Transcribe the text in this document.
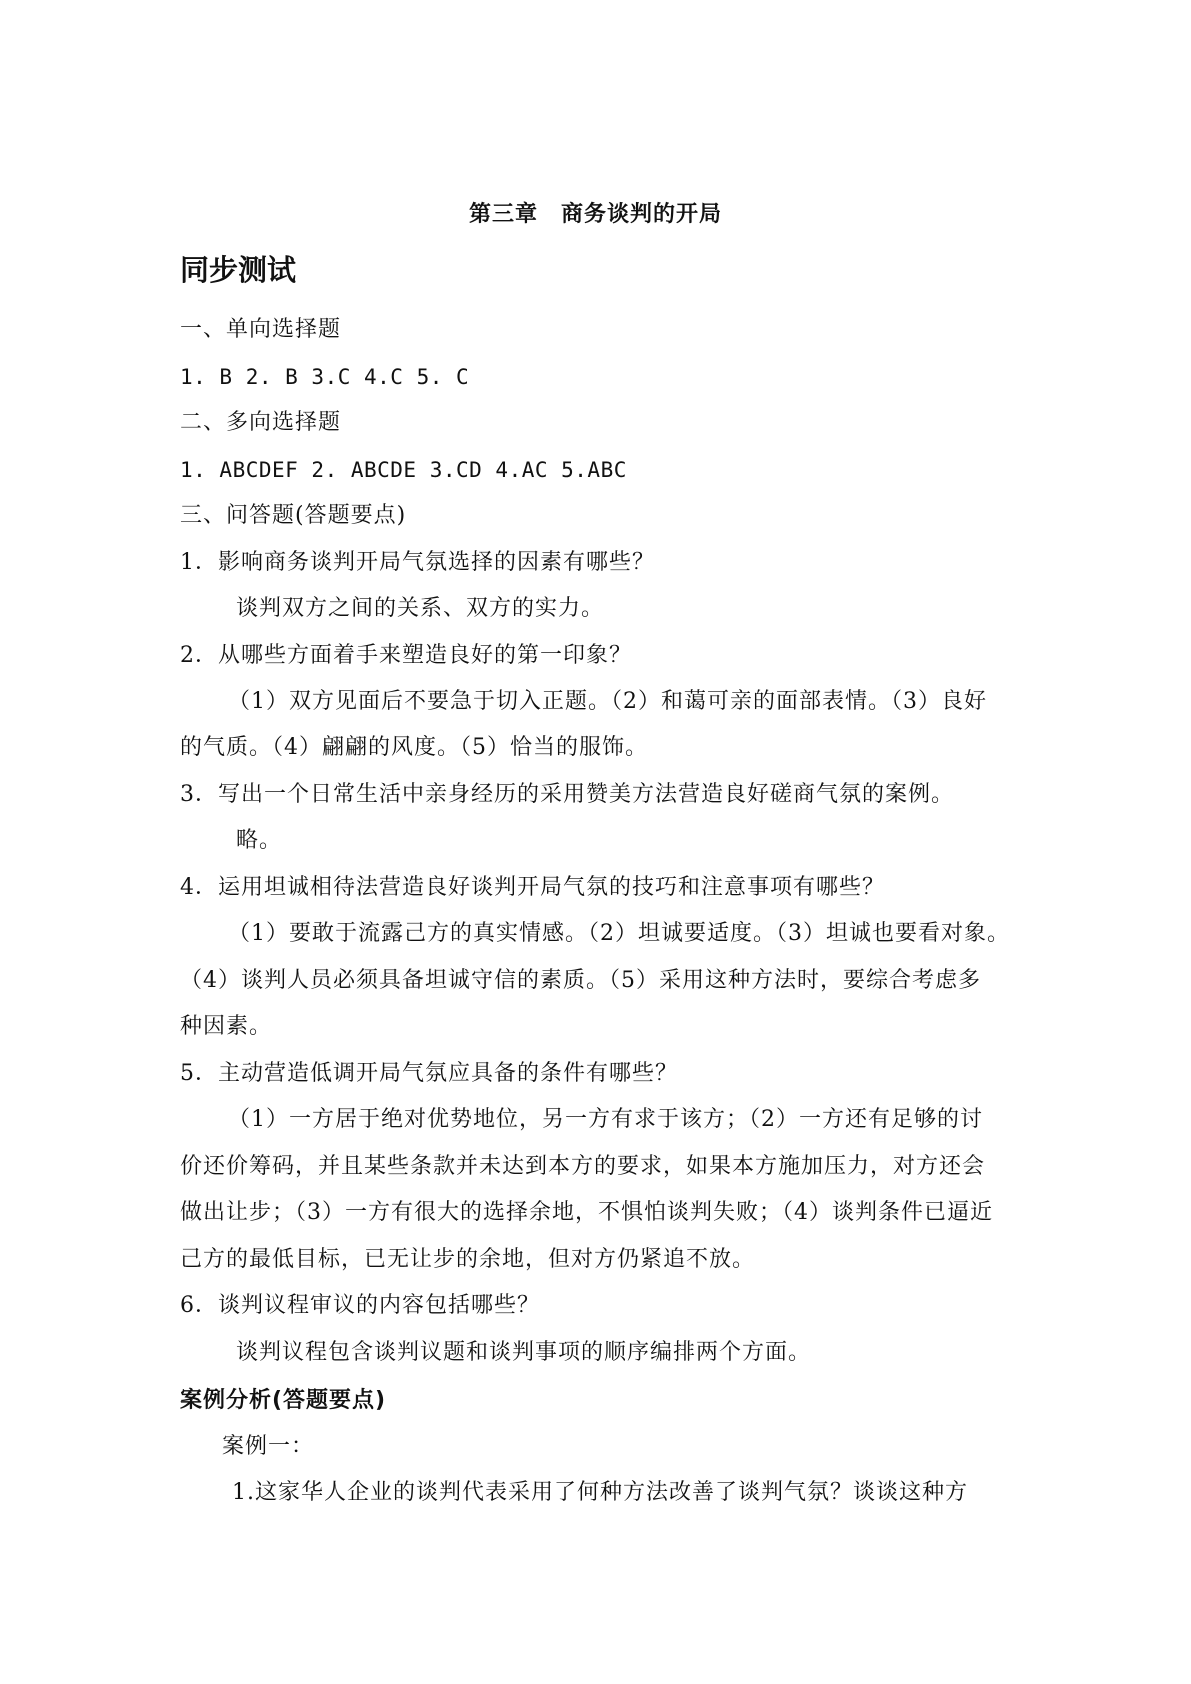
第三章　商务谈判的开局
同步测试
一、单向选择题
1. B 2. B 3.C 4.C 5. C
二、多向选择题
1. ABCDEF 2. ABCDE 3.CD 4.AC 5.ABC
三、问答题(答题要点)
1．影响商务谈判开局气氛选择的因素有哪些？
谈判双方之间的关系、双方的实力。
2．从哪些方面着手来塑造良好的第一印象？
（1）双方见面后不要急于切入正题。（2）和蔼可亲的面部表情。（3）良好
的气质。（4）翩翩的风度。（5）恰当的服饰。
3．写出一个日常生活中亲身经历的采用赞美方法营造良好磋商气氛的案例。
略。
4．运用坦诚相待法营造良好谈判开局气氛的技巧和注意事项有哪些？
（1）要敢于流露己方的真实情感。（2）坦诚要适度。（3）坦诚也要看对象。
（4）谈判人员必须具备坦诚守信的素质。（5）采用这种方法时，要综合考虑多
种因素。
5．主动营造低调开局气氛应具备的条件有哪些？
（1）一方居于绝对优势地位，另一方有求于该方；（2）一方还有足够的讨
价还价筹码，并且某些条款并未达到本方的要求，如果本方施加压力，对方还会
做出让步；（3）一方有很大的选择余地，不惧怕谈判失败；（4）谈判条件已逼近
己方的最低目标，已无让步的余地，但对方仍紧追不放。
6．谈判议程审议的内容包括哪些？
谈判议程包含谈判议题和谈判事项的顺序编排两个方面。
案例分析(答题要点)
案例一：
1.这家华人企业的谈判代表采用了何种方法改善了谈判气氛？谈谈这种方
